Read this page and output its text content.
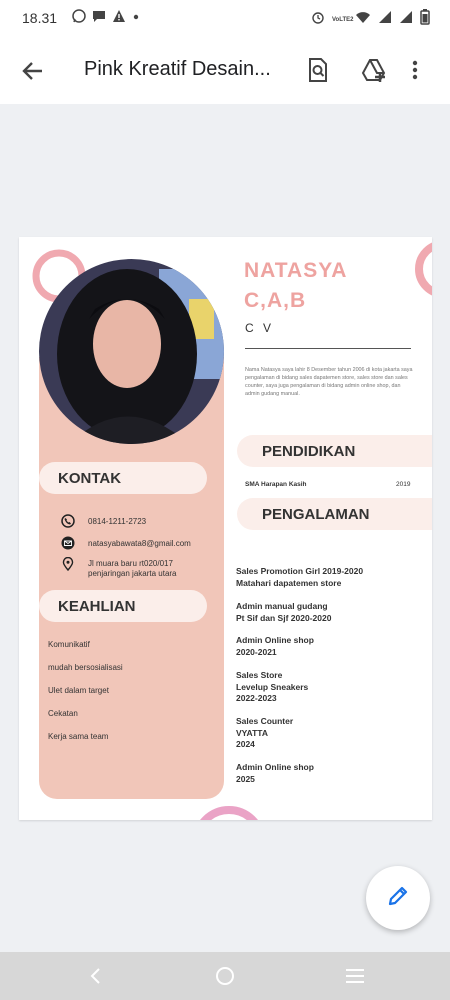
18.31	VoLTE2
Pink Kreatif Desain...
KONTAK
0814-1211-2723
natasyabawata8@gmail.com
Jl muara baru rt020/017
penjaringan jakarta utara
KEAHLIAN
Komunikatif
mudah bersosialisasi
Ulet dalam target
Cekatan
Kerja sama team
NATASYA
C,A,B
C V
Nama Natasya saya lahir 8 Desember tahun 2006 di kota jakarta saya pengalaman di bidang sales dapatemen store, sales store dan sales counter, saya juga pengalaman di bidang admin online shop, dan admin gudang manual.
PENDIDIKAN
SMA Harapan Kasih	2019
PENGALAMAN
Sales Promotion Girl 2019-2020
Matahari dapatemen store
Admin manual gudang
Pt Sif dan Sjf 2020-2020
Admin Online shop
2020-2021
Sales Store
Levelup Sneakers
2022-2023
Sales Counter
VYATTA
2024
Admin Online shop
2025
